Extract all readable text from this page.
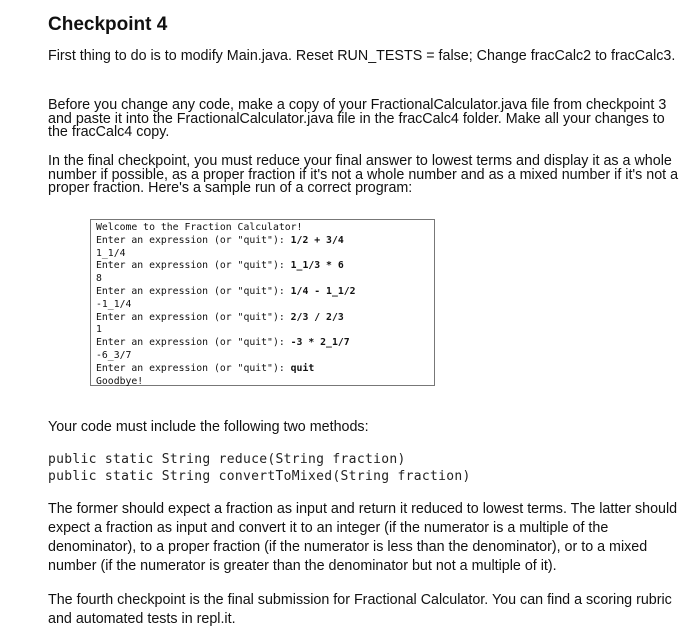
Checkpoint 4
First thing to do is to modify Main.java. Reset RUN_TESTS = false; Change fracCalc2 to fracCalc3.
Before you change any code, make a copy of your FractionalCalculator.java file from checkpoint 3 and paste it into the FractionalCalculator.java file in the fracCalc4 folder. Make all your changes to the fracCalc4 copy.
In the final checkpoint, you must reduce your final answer to lowest terms and display it as a whole number if possible, as a proper fraction if it's not a whole number and as a mixed number if it's not a proper fraction. Here's a sample run of a correct program:
Welcome to the Fraction Calculator!
Enter an expression (or "quit"): 1/2 + 3/4
1_1/4
Enter an expression (or "quit"): 1_1/3 * 6
8
Enter an expression (or "quit"): 1/4 - 1_1/2
-1_1/4
Enter an expression (or "quit"): 2/3 / 2/3
1
Enter an expression (or "quit"): -3 * 2_1/7
-6_3/7
Enter an expression (or "quit"): quit
Goodbye!
Your code must include the following two methods:
public static String reduce(String fraction)
public static String convertToMixed(String fraction)
The former should expect a fraction as input and return it reduced to lowest terms. The latter should expect a fraction as input and convert it to an integer (if the numerator is a multiple of the denominator), to a proper fraction (if the numerator is less than the denominator), or to a mixed number (if the numerator is greater than the denominator but not a multiple of it).
The fourth checkpoint is the final submission for Fractional Calculator. You can find a scoring rubric and automated tests in repl.it.
